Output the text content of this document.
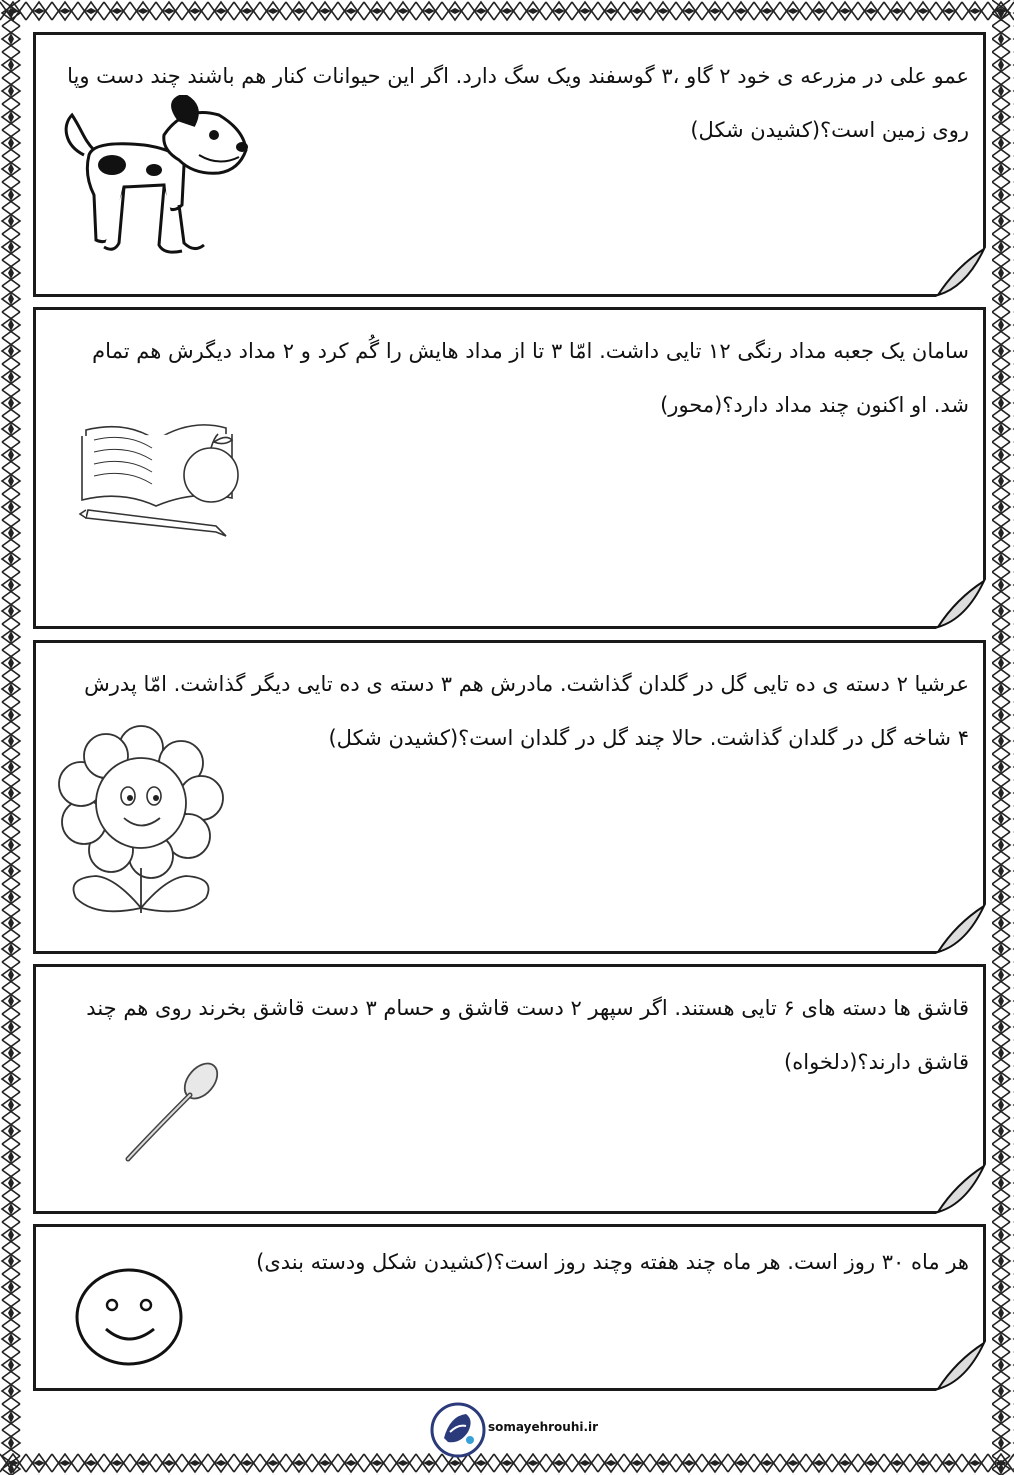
عمو علی در مزرعه ی خود ۲ گاو ،۳ گوسفند ویک سگ دارد. اگر این حیوانات کنار هم باشند چند دست وپا
روی زمین است؟(کشیدن شکل)
سامان یک جعبه مداد رنگی ۱۲ تایی داشت. امّا ۳ تا از مداد هایش را گُم کرد و ۲ مداد دیگرش هم تمام
شد. او اکنون چند مداد دارد؟(محور)
عرشیا ۲ دسته ی ده تایی گل در گلدان گذاشت. مادرش هم ۳ دسته ی ده تایی دیگر گذاشت. امّا پدرش
۴ شاخه گل در گلدان گذاشت. حالا چند گل در گلدان است؟(کشیدن شکل)
قاشق ها دسته های ۶ تایی هستند. اگر سپهر ۲ دست قاشق و حسام ۳ دست قاشق بخرند روی هم چند
قاشق دارند؟(دلخواه)
هر ماه ۳۰ روز است. هر ماه چند هفته وچند روز است؟(کشیدن شکل ودسته بندی)
somayehrouhi.ir
